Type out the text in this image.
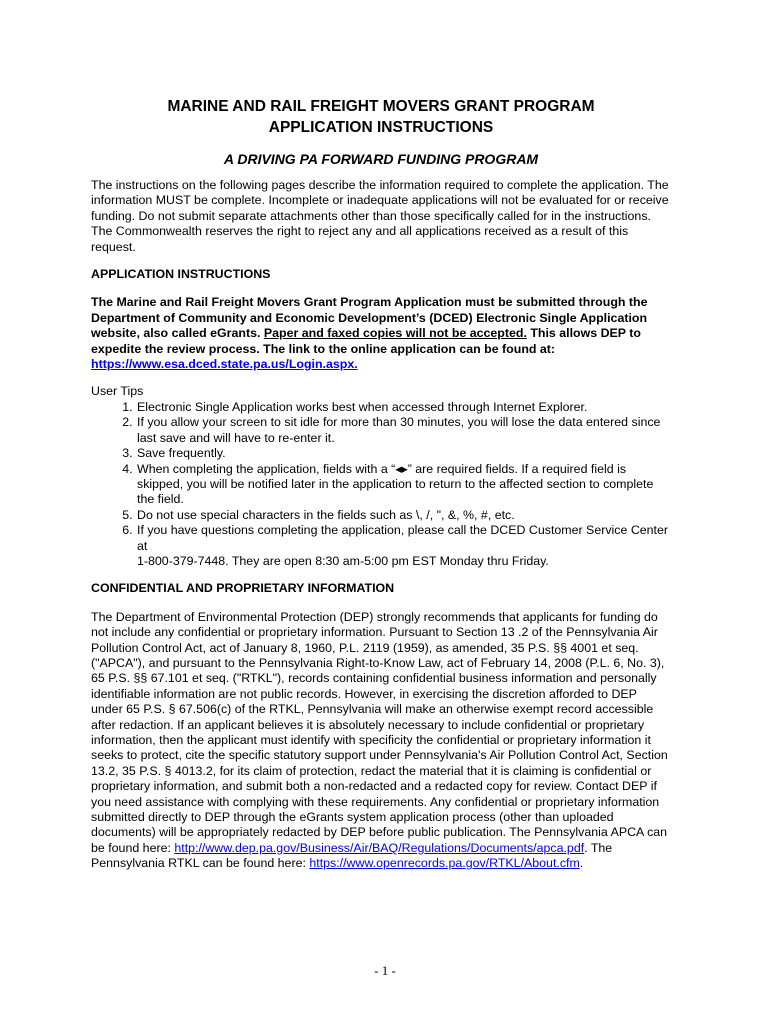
MARINE AND RAIL FREIGHT MOVERS GRANT PROGRAM
APPLICATION INSTRUCTIONS
A DRIVING PA FORWARD FUNDING PROGRAM

The instructions on the following pages describe the information required to complete the application. The information MUST be complete. Incomplete or inadequate applications will not be evaluated for or receive funding. Do not submit separate attachments other than those specifically called for in the instructions. The Commonwealth reserves the right to reject any and all applications received as a result of this request.

APPLICATION INSTRUCTIONS

The Marine and Rail Freight Movers Grant Program Application must be submitted through the Department of Community and Economic Development’s (DCED) Electronic Single Application website, also called eGrants. Paper and faxed copies will not be accepted. This allows DEP to expedite the review process. The link to the online application can be found at: https://www.esa.dced.state.pa.us/Login.aspx.

User Tips

1. Electronic Single Application works best when accessed through Internet Explorer.
2. If you allow your screen to sit idle for more than 30 minutes, you will lose the data entered since last save and will have to re-enter it.
3. Save frequently.
4. When completing the application, fields with a “◂▸” are required fields. If a required field is skipped, you will be notified later in the application to return to the affected section to complete the field.
5. Do not use special characters in the fields such as \, /, ", &, %, #, etc.
6. If you have questions completing the application, please call the DCED Customer Service Center at
1-800-379-7448. They are open 8:30 am-5:00 pm EST Monday thru Friday.
CONFIDENTIAL AND PROPRIETARY INFORMATION

The Department of Environmental Protection (DEP) strongly recommends that applicants for funding do not include any confidential or proprietary information. Pursuant to Section 13 .2 of the Pennsylvania Air Pollution Control Act, act of January 8, 1960, P.L. 2119 (1959), as amended, 35 P.S. §§ 4001 et seq. ("APCA"), and pursuant to the Pennsylvania Right-to-Know Law, act of February 14, 2008 (P.L. 6, No. 3), 65 P.S. §§ 67.101 et seq. ("RTKL"), records containing confidential business information and personally identifiable information are not public records. However, in exercising the discretion afforded to DEP under 65 P.S. § 67.506(c) of the RTKL, Pennsylvania will make an otherwise exempt record accessible after redaction. If an applicant believes it is absolutely necessary to include confidential or proprietary information, then the applicant must identify with specificity the confidential or proprietary information it seeks to protect, cite the specific statutory support under Pennsylvania's Air Pollution Control Act, Section 13.2, 35 P.S. § 4013.2, for its claim of protection, redact the material that it is claiming is confidential or proprietary information, and submit both a non-redacted and a redacted copy for review. Contact DEP if you need assistance with complying with these requirements. Any confidential or proprietary information submitted directly to DEP through the eGrants system application process (other than uploaded documents) will be appropriately redacted by DEP before public publication. The Pennsylvania APCA can be found here: http://www.dep.pa.gov/Business/Air/BAQ/Regulations/Documents/apca.pdf. The Pennsylvania RTKL can be found here: https://www.openrecords.pa.gov/RTKL/About.cfm.

- 1 -
